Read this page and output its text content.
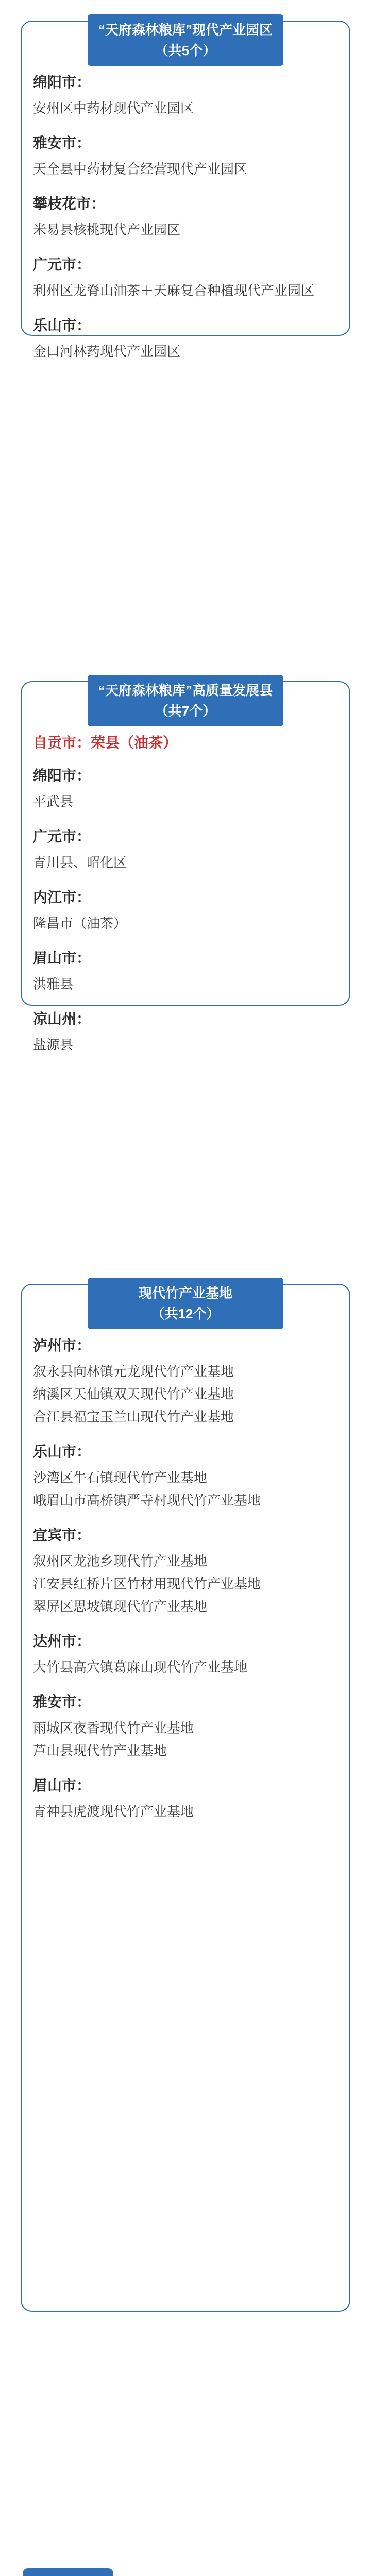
“天府森林粮库”现代产业园区
（共5个）
绵阳市：
安州区中药材现代产业园区
雅安市：
天全县中药材复合经营现代产业园区
攀枝花市：
米易县核桃现代产业园区
广元市：
利州区龙脊山油茶＋天麻复合种植现代产业园区
乐山市：
金口河林药现代产业园区
“天府森林粮库”高质量发展县
（共7个）
自贡市：荣县（油茶）
绵阳市：
平武县
广元市：
青川县、昭化区
内江市：
隆昌市（油茶）
眉山市：
洪雅县
凉山州：
盐源县
现代竹产业基地
（共12个）
泸州市：
叙永县向林镇元龙现代竹产业基地
纳溪区天仙镇双天现代竹产业基地
合江县福宝玉兰山现代竹产业基地
乐山市：
沙湾区牛石镇现代竹产业基地
峨眉山市高桥镇严寺村现代竹产业基地
宜宾市：
叙州区龙池乡现代竹产业基地
江安县红桥片区竹材用现代竹产业基地
翠屏区思坡镇现代竹产业基地
达州市：
大竹县高穴镇葛麻山现代竹产业基地
雅安市：
雨城区夜香现代竹产业基地
芦山县现代竹产业基地
眉山市：
青神县虎渡现代竹产业基地
